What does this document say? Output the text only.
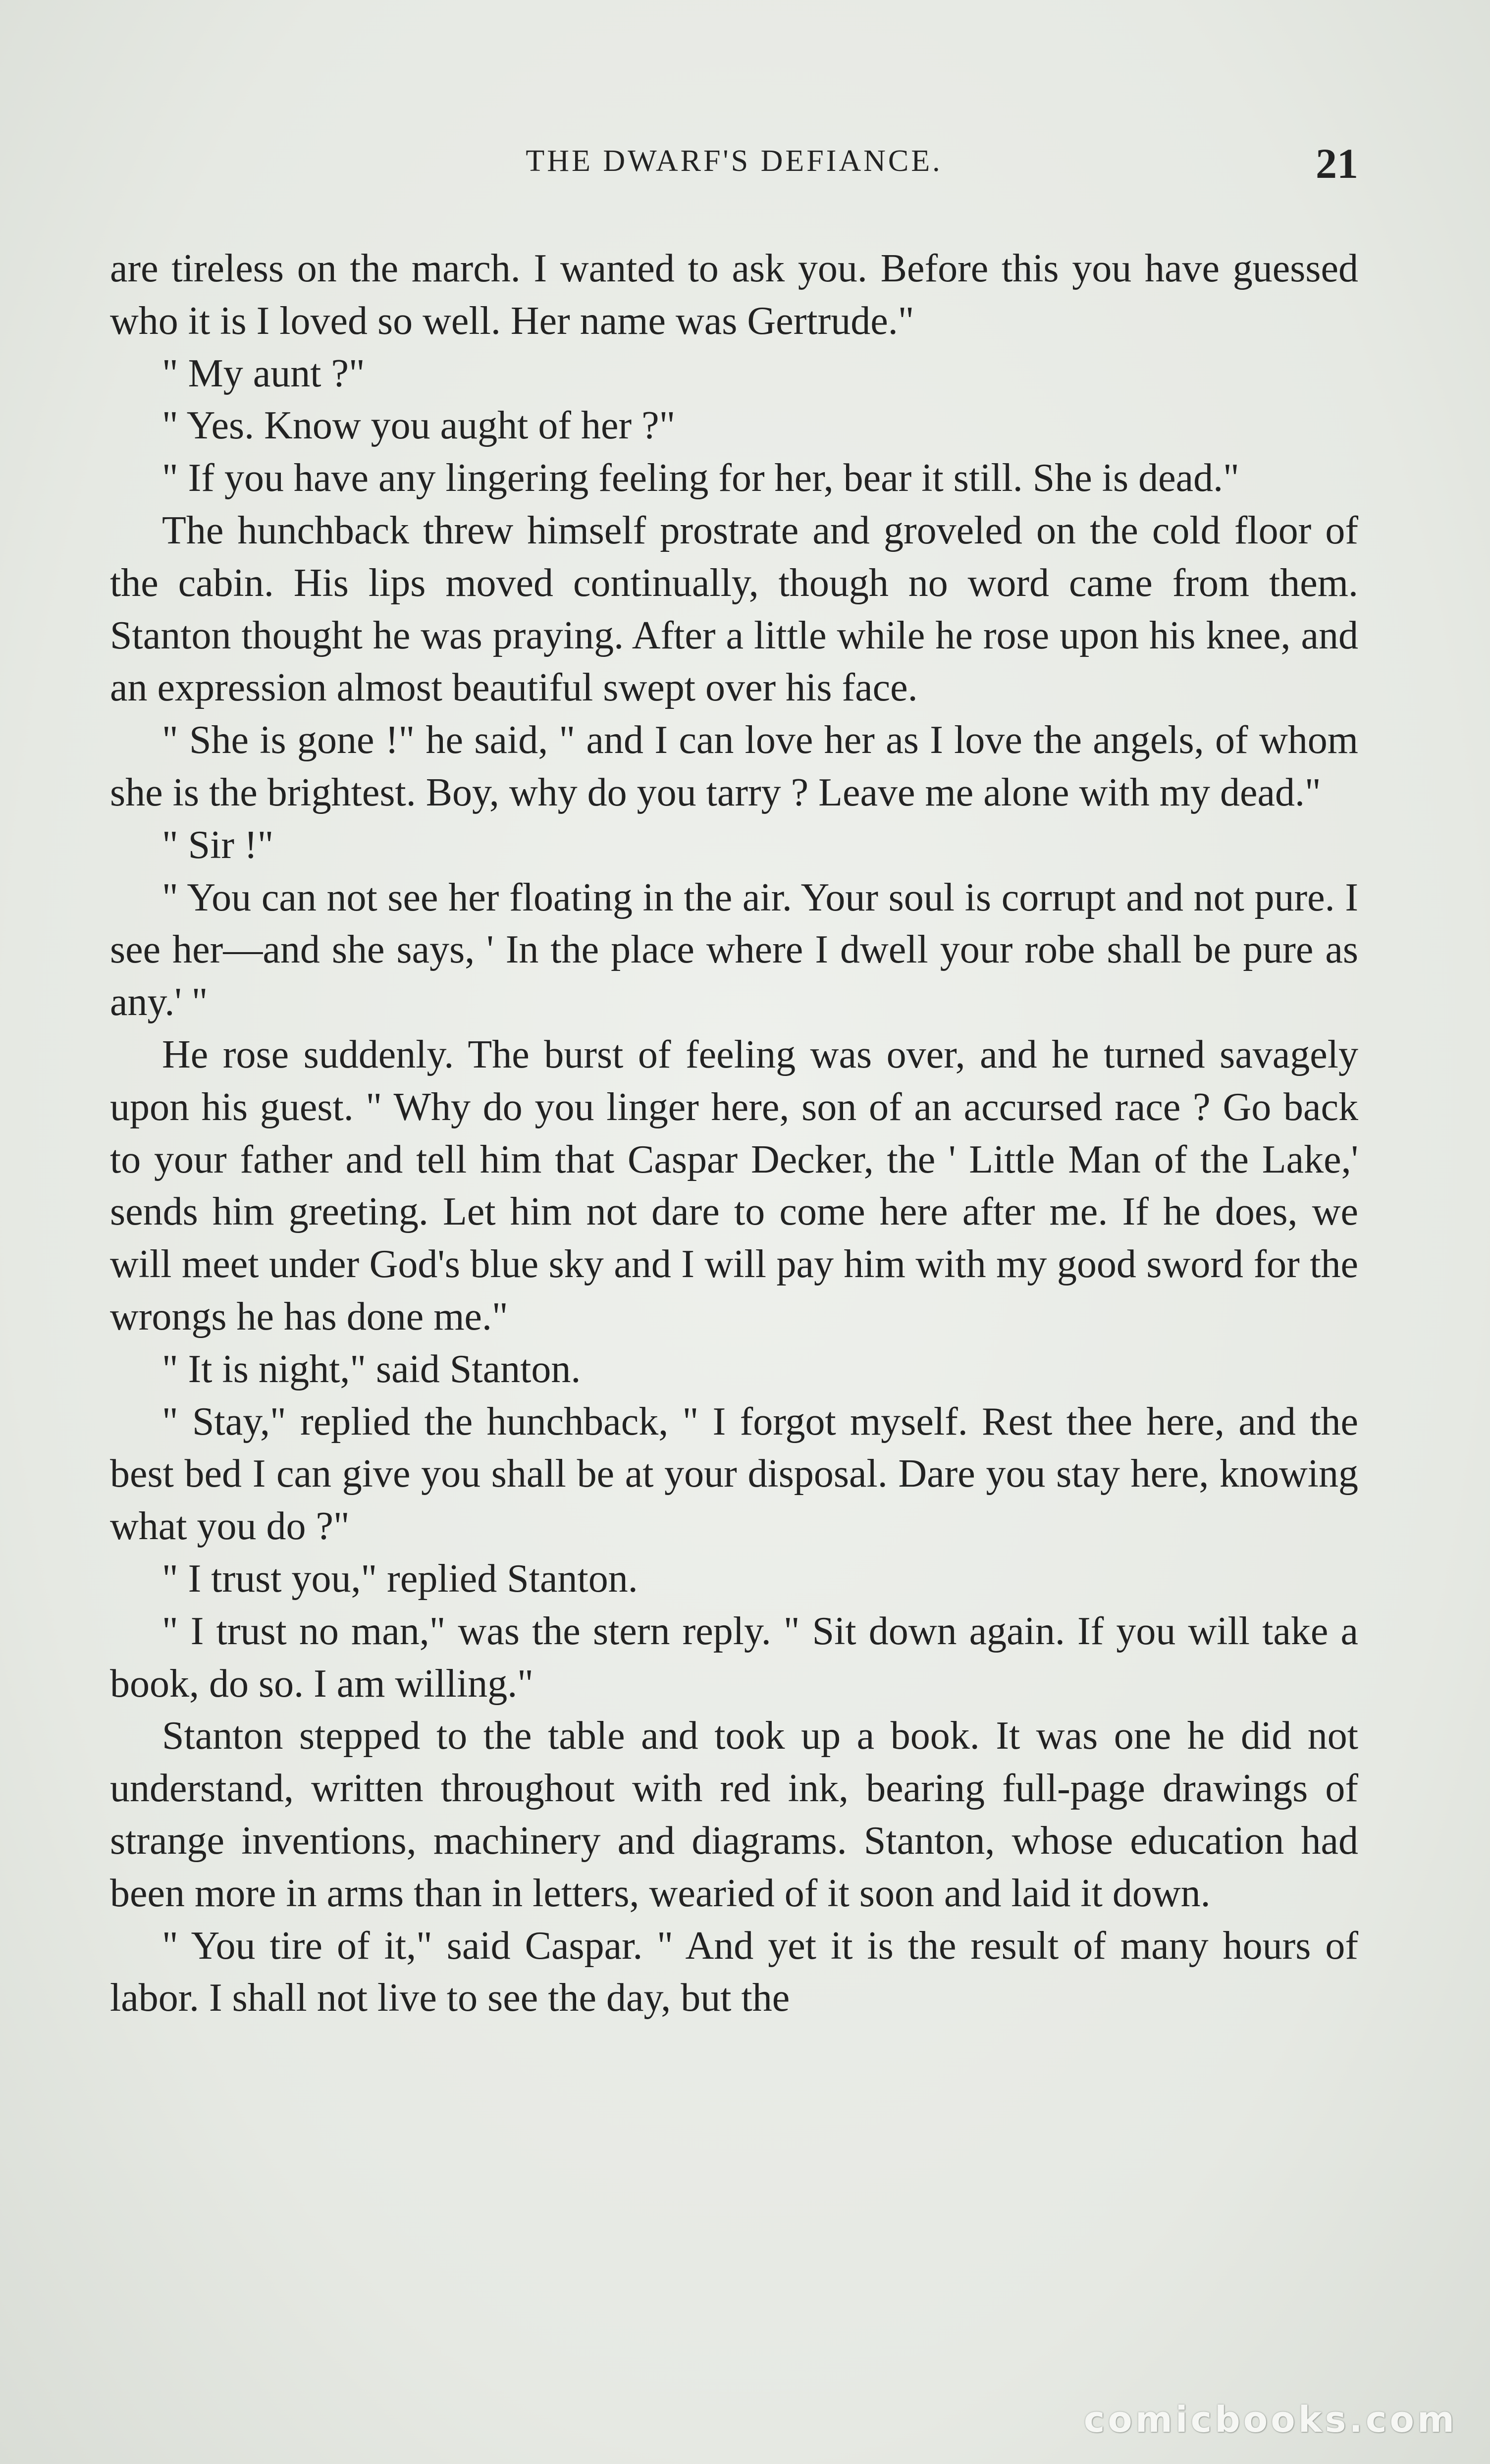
THE DWARF'S DEFIANCE.	21

are tireless on the march. I wanted to ask you. Before this you have guessed who it is I loved so well. Her name was Gertrude."

" My aunt ?"

" Yes. Know you aught of her ?"

" If you have any lingering feeling for her, bear it still. She is dead."

The hunchback threw himself prostrate and groveled on the cold floor of the cabin. His lips moved continually, though no word came from them. Stanton thought he was praying. After a little while he rose upon his knee, and an expression almost beautiful swept over his face.

" She is gone !" he said, " and I can love her as I love the angels, of whom she is the brightest. Boy, why do you tarry ? Leave me alone with my dead."

" Sir !"

" You can not see her floating in the air. Your soul is corrupt and not pure. I see her—and she says, ' In the place where I dwell your robe shall be pure as any.' "

He rose suddenly. The burst of feeling was over, and he turned savagely upon his guest. " Why do you linger here, son of an accursed race ? Go back to your father and tell him that Caspar Decker, the ' Little Man of the Lake,' sends him greeting. Let him not dare to come here after me. If he does, we will meet under God's blue sky and I will pay him with my good sword for the wrongs he has done me."

" It is night," said Stanton.

" Stay," replied the hunchback, " I forgot myself. Rest thee here, and the best bed I can give you shall be at your disposal. Dare you stay here, knowing what you do ?"

" I trust you," replied Stanton.

" I trust no man," was the stern reply. " Sit down again. If you will take a book, do so. I am willing."

Stanton stepped to the table and took up a book. It was one he did not understand, written throughout with red ink, bearing full-page drawings of strange inventions, machinery and diagrams. Stanton, whose education had been more in arms than in letters, wearied of it soon and laid it down.

" You tire of it," said Caspar. " And yet it is the result of many hours of labor. I shall not live to see the day, but the

comicbooks.com
